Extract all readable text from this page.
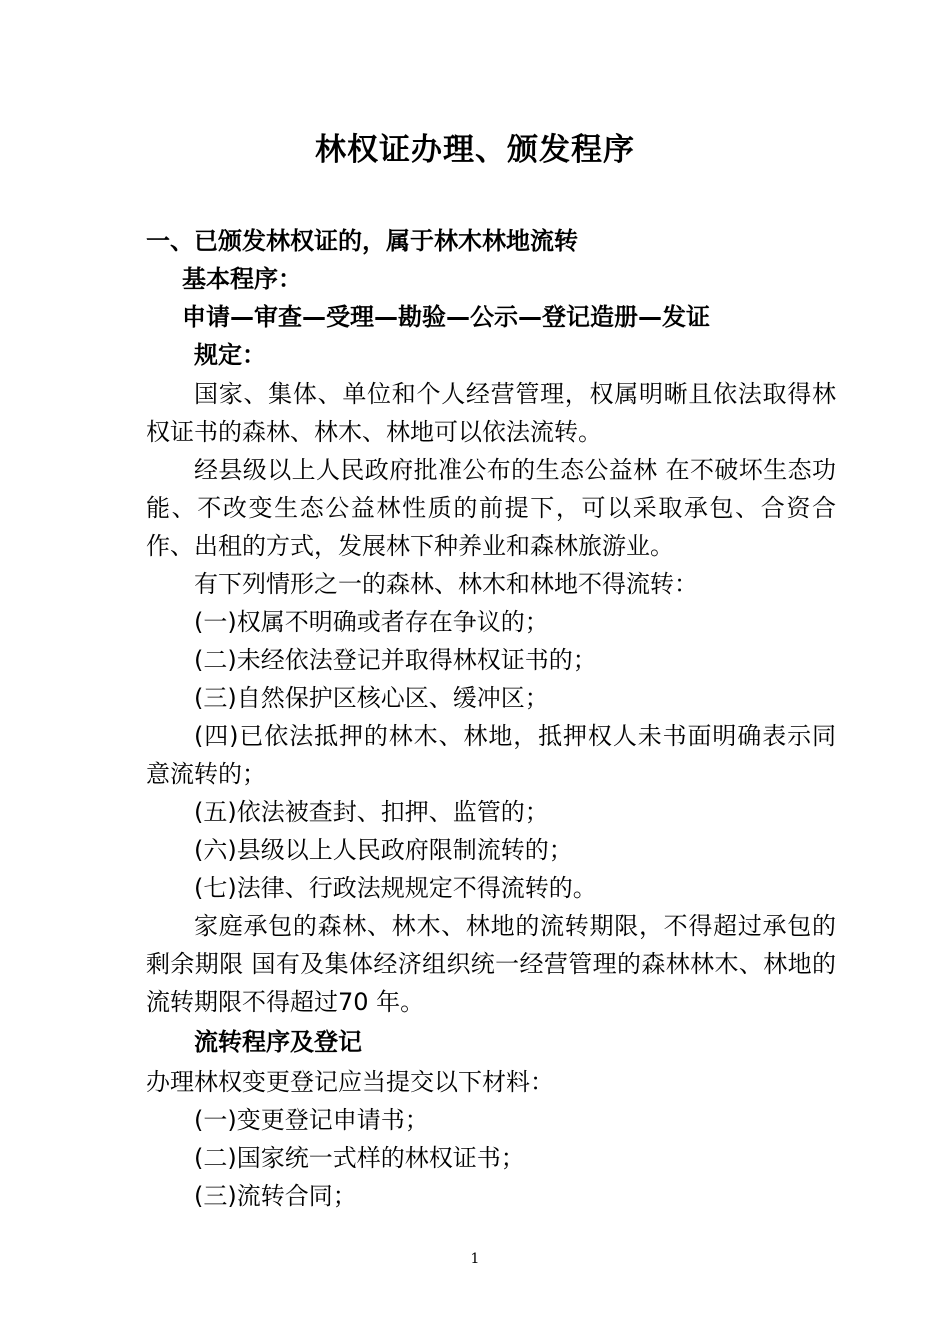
林权证办理、颁发程序
一、已颁发林权证的，属于林木林地流转
基本程序：
申请—审查—受理—勘验—公示—登记造册—发证
规定：
国家、集体、单位和个人经营管理，权属明晰且依法取得林权证书的森林、林木、林地可以依法流转。
经县级以上人民政府批准公布的生态公益林 在不破坏生态功能、不改变生态公益林性质的前提下，可以采取承包、合资合作、出租的方式，发展林下种养业和森林旅游业。
有下列情形之一的森林、林木和林地不得流转：
(一)权属不明确或者存在争议的；
(二)未经依法登记并取得林权证书的；
(三)自然保护区核心区、缓冲区；
(四)已依法抵押的林木、林地，抵押权人未书面明确表示同意流转的；
(五)依法被查封、扣押、监管的；
(六)县级以上人民政府限制流转的；
(七)法律、行政法规规定不得流转的。
家庭承包的森林、林木、林地的流转期限，不得超过承包的剩余期限 国有及集体经济组织统一经营管理的森林林木、林地的流转期限不得超过70 年。
流转程序及登记
办理林权变更登记应当提交以下材料：
(一)变更登记申请书；
(二)国家统一式样的林权证书；
(三)流转合同；
1
